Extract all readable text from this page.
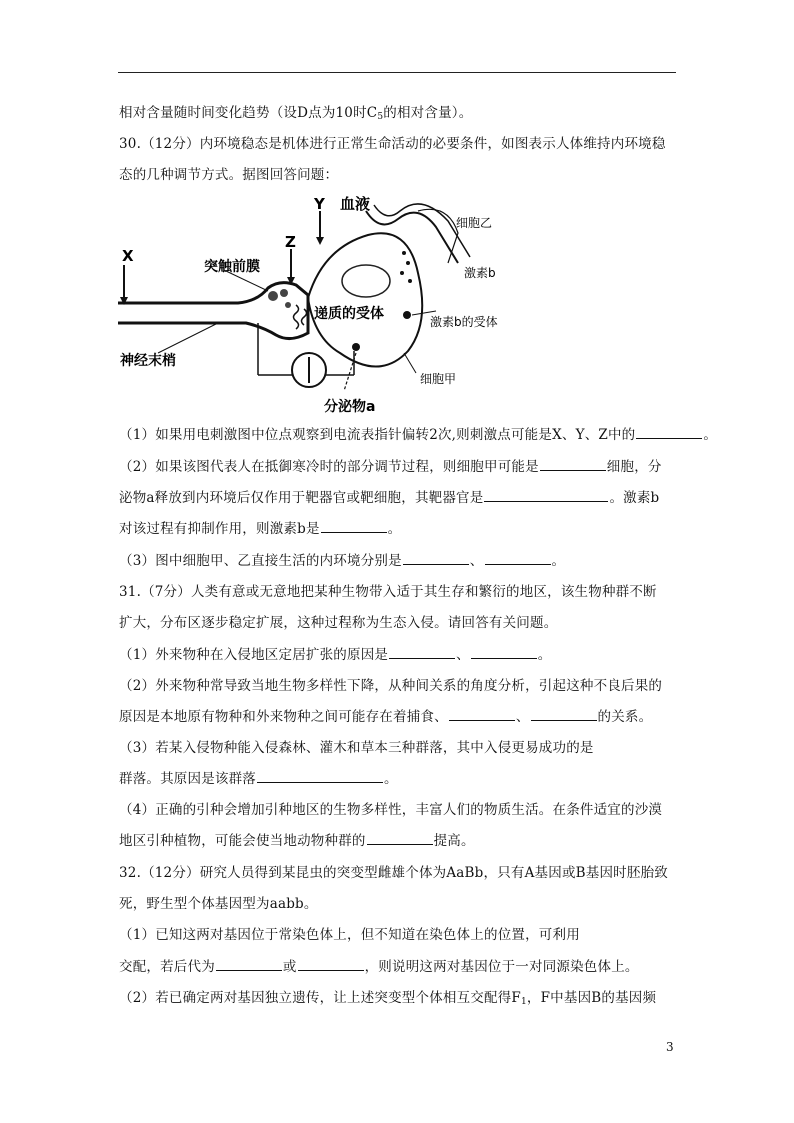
相对含量随时间变化趋势（设D点为10时$C_5$的相对含量）。
30.（12分）内环境稳态是机体进行正常生命活动的必要条件，如图表示人体维持内环境稳
态的几种调节方式。据图回答问题：
X
Y
Z
血液
细胞乙
激素b
突触前膜
递质的受体	激素b的受体
神经末梢
细胞甲
分泌物a
（1）如果用电刺激图中位点观察到电流表指针偏转2次,则刺激点可能是X、Y、Z中的	。
（2）如果该图代表人在抵御寒冷时的部分调节过程，则细胞甲可能是	细胞，分
泌物a释放到内环境后仅作用于靶器官或靶细胞，其靶器官是	。激素b
对该过程有抑制作用，则激素b是	。
（3）图中细胞甲、乙直接生活的内环境分别是	、	。
31.（7分）人类有意或无意地把某种生物带入适于其生存和繁衍的地区，该生物种群不断
扩大，分布区逐步稳定扩展，这种过程称为生态入侵。请回答有关问题。
（1）外来物种在入侵地区定居扩张的原因是	、	。
（2）外来物种常导致当地生物多样性下降，从种间关系的角度分析，引起这种不良后果的
原因是本地原有物种和外来物种之间可能存在着捕食、	、	的关系。
（3）若某入侵物种能入侵森林、灌木和草本三种群落，其中入侵更易成功的是
群落。其原因是该群落	。
（4）正确的引种会增加引种地区的生物多样性，丰富人们的物质生活。在条件适宜的沙漠
地区引种植物，可能会使当地动物种群的	提高。
32.（12分）研究人员得到某昆虫的突变型雌雄个体为AaBb，只有A基因或B基因时胚胎致
死，野生型个体基因型为aabb。
（1）已知这两对基因位于常染色体上，但不知道在染色体上的位置，可利用
交配，若后代为	或	，则说明这两对基因位于一对同源染色体上。
（2）若已确定两对基因独立遗传，让上述突变型个体相互交配得$F_1$，F中基因B的基因频
3
